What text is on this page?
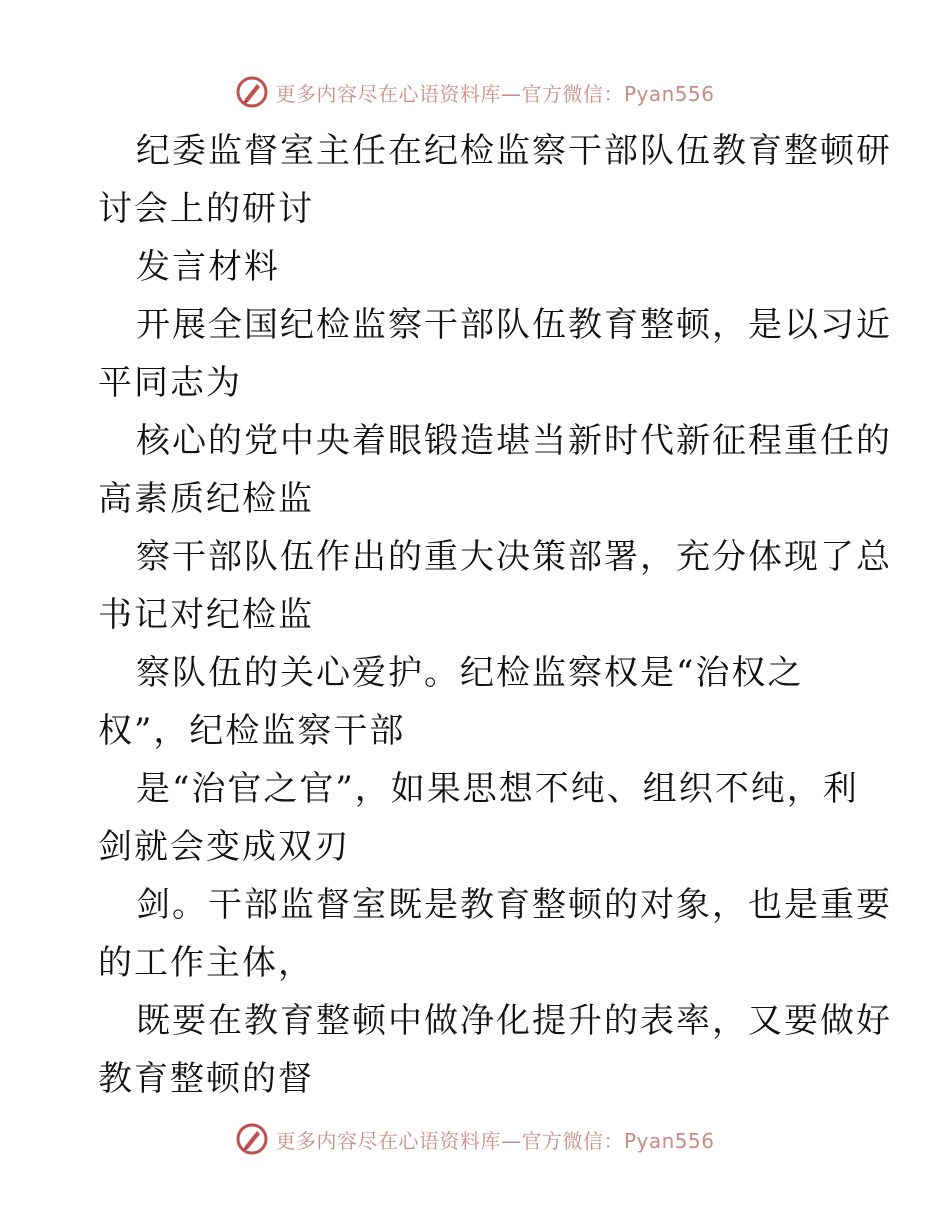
更多内容尽在心语资料库—官方微信：Pyan556
纪委监督室主任在纪检监察干部队伍教育整顿研
讨会上的研讨
发言材料
开展全国纪检监察干部队伍教育整顿，是以习近
平同志为
核心的党中央着眼锻造堪当新时代新征程重任的
高素质纪检监
察干部队伍作出的重大决策部署，充分体现了总
书记对纪检监
察队伍的关心爱护。纪检监察权是“治权之
权”，纪检监察干部
是“治官之官”，如果思想不纯、组织不纯，利
剑就会变成双刃
剑。干部监督室既是教育整顿的对象，也是重要
的工作主体，
既要在教育整顿中做净化提升的表率，又要做好
教育整顿的督
更多内容尽在心语资料库—官方微信：Pyan556
